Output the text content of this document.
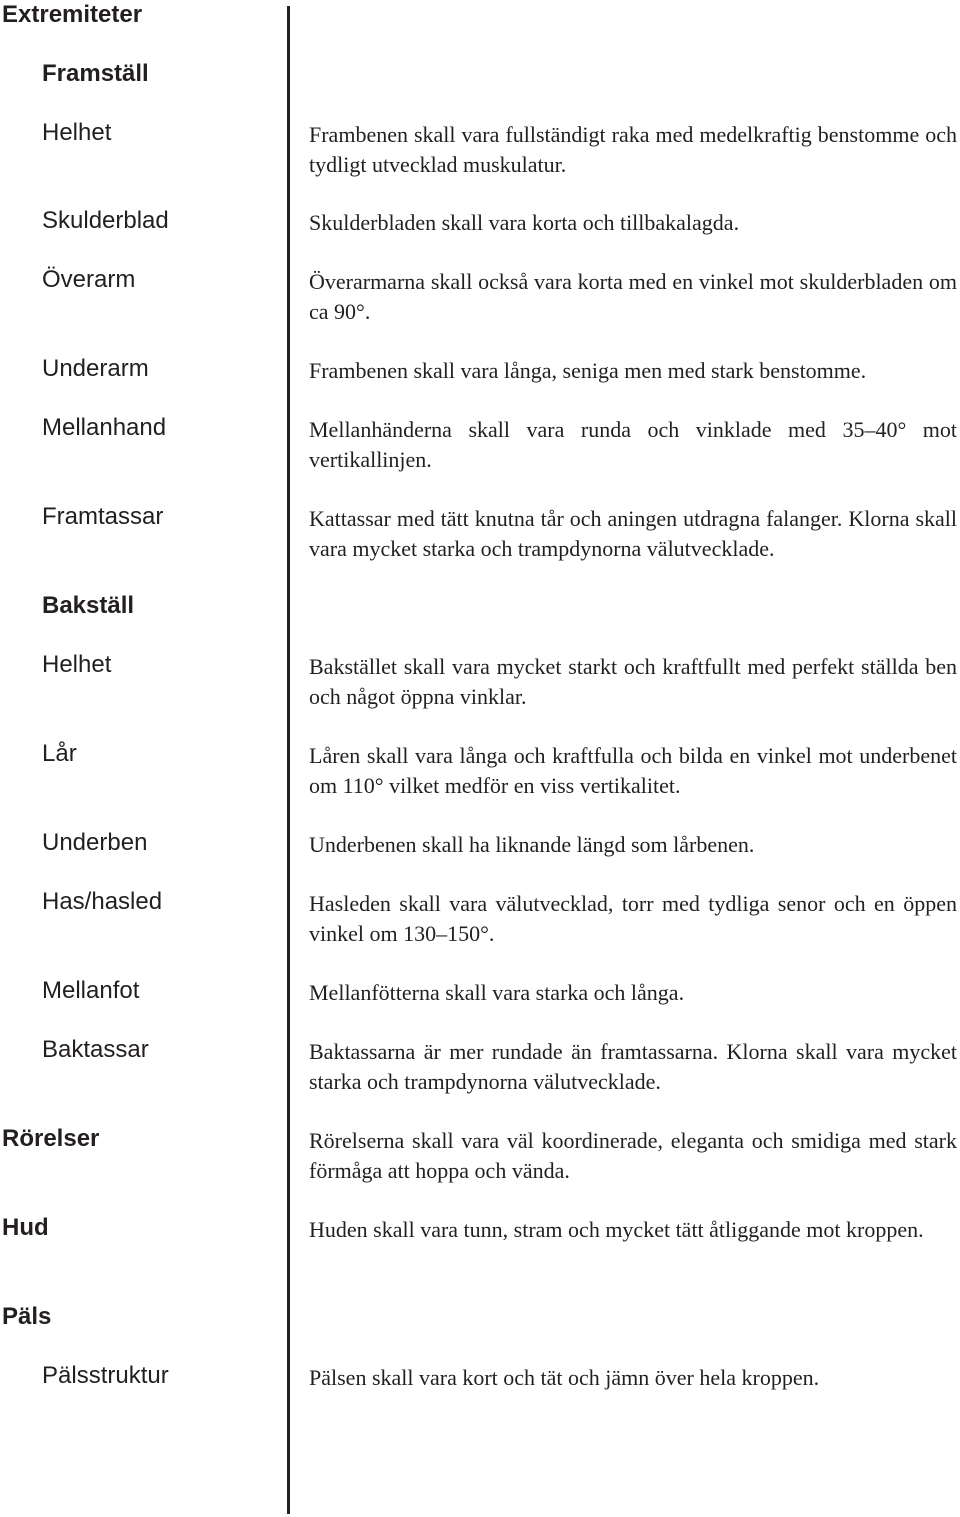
Extremiteter
Framställ
Helhet	Frambenen skall vara fullständigt raka med medelkraftig benstomme och tydligt utvecklad muskulatur.
Skulderblad	Skulderbladen skall vara korta och tillbakalagda.
Överarm	Överarmarna skall också vara korta med en vinkel mot skulderbladen om ca 90°.
Underarm	Frambenen skall vara långa, seniga men med stark benstomme.
Mellanhand	Mellanhänderna skall vara runda och vinklade med 35–40° mot vertikallinjen.
Framtassar	Kattassar med tätt knutna tår och aningen utdragna falanger. Klorna skall vara mycket starka och trampdynorna välutvecklade.
Bakställ
Helhet	Bakstället skall vara mycket starkt och kraftfullt med perfekt ställda ben och något öppna vinklar.
Lår	Låren skall vara långa och kraftfulla och bilda en vinkel mot underbenet om 110° vilket medför en viss vertikalitet.
Underben	Underbenen skall ha liknande längd som lårbenen.
Has/hasled	Hasleden skall vara välutvecklad, torr med tydliga senor och en öppen vinkel om 130–150°.
Mellanfot	Mellanfötterna skall vara starka och långa.
Baktassar	Baktassarna är mer rundade än framtassarna. Klorna skall vara mycket starka och trampdynorna välutvecklade.
Rörelser	Rörelserna skall vara väl koordinerade, eleganta och smidiga med stark förmåga att hoppa och vända.
Hud	Huden skall vara tunn, stram och mycket tätt åtliggande mot kroppen.
Päls
Pälsstruktur	Pälsen skall vara kort och tät och jämn över hela kroppen.
